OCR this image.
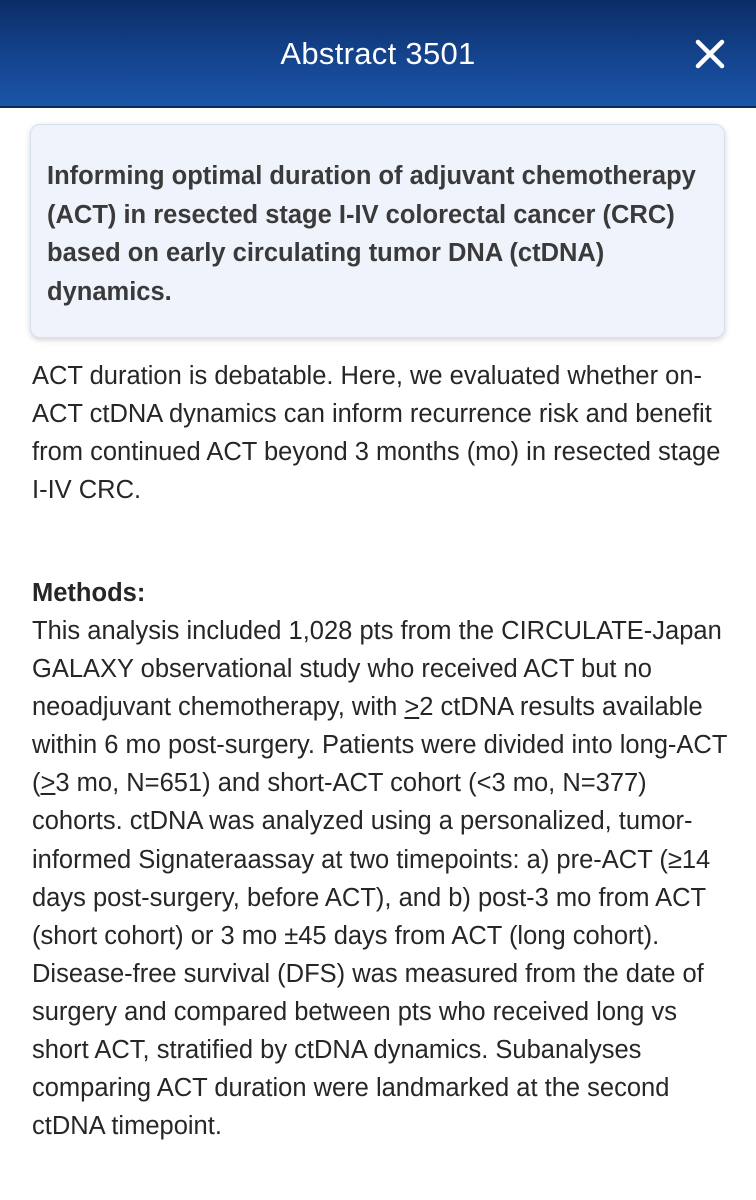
Abstract 3501

Informing optimal duration of adjuvant chemotherapy (ACT) in resected stage I-IV colorectal cancer (CRC) based on early circulating tumor DNA (ctDNA) dynamics.

ACT duration is debatable. Here, we evaluated whether on-ACT ctDNA dynamics can inform recurrence risk and benefit from continued ACT beyond 3 months (mo) in resected stage I-IV CRC.

Methods:

This analysis included 1,028 pts from the CIRCULATE-Japan GALAXY observational study who received ACT but no neoadjuvant chemotherapy, with ≥2 ctDNA results available within 6 mo post-surgery. Patients were divided into long-ACT (≥3 mo, N=651) and short-ACT cohort (<3 mo, N=377) cohorts. ctDNA was analyzed using a personalized, tumor-informed Signateraassay at two timepoints: a) pre-ACT (≥14 days post-surgery, before ACT), and b) post-3 mo from ACT (short cohort) or 3 mo ±45 days from ACT (long cohort). Disease-free survival (DFS) was measured from the date of surgery and compared between pts who received long vs short ACT, stratified by ctDNA dynamics. Subanalyses comparing ACT duration were landmarked at the second ctDNA timepoint.
